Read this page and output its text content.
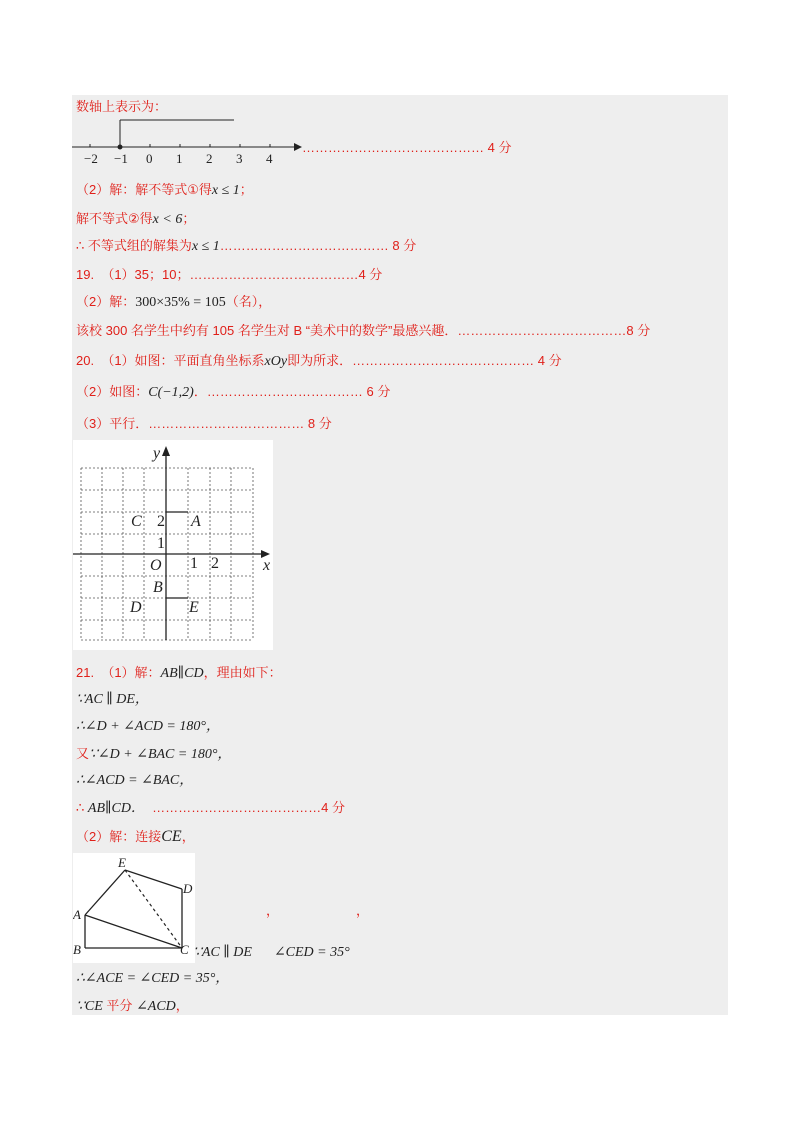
数轴上表示为：
−2 −1 0 1 2 3 4
…………………………………… 4 分
（2）解：解不等式①得x ≤ 1；
解不等式②得x < 6；
∴ 不等式组的解集为x ≤ 1………………………………… 8 分
19. （1）35；10；…………………………………4 分
（2）解：300×35% = 105（名），
该校 300 名学生中约有 105 名学生对 B “美术中的数学”最感兴趣．…………………………………8 分
20. （1）如图：平面直角坐标系xOy即为所求．…………………………………… 4 分
（2）如图：C(−1,2)．……………………………… 6 分
（3）平行．……………………………… 8 分
y
x
C 2 A
1
O 1 2
B
D	E
21. （1）解：AB∥CD，理由如下：
∵AC ∥ DE，
∴∠D + ∠ACD = 180°，
又∵∠D + ∠BAC = 180°，
∴∠ACD = ∠BAC，
∴ AB∥CD． …………………………………4 分
（2）解：连接CE，
E
D
A
B	C
，	，
∵AC ∥ DE ∠CED = 35°
∴∠ACE = ∠CED = 35°，
∵CE 平分 ∠ACD，
